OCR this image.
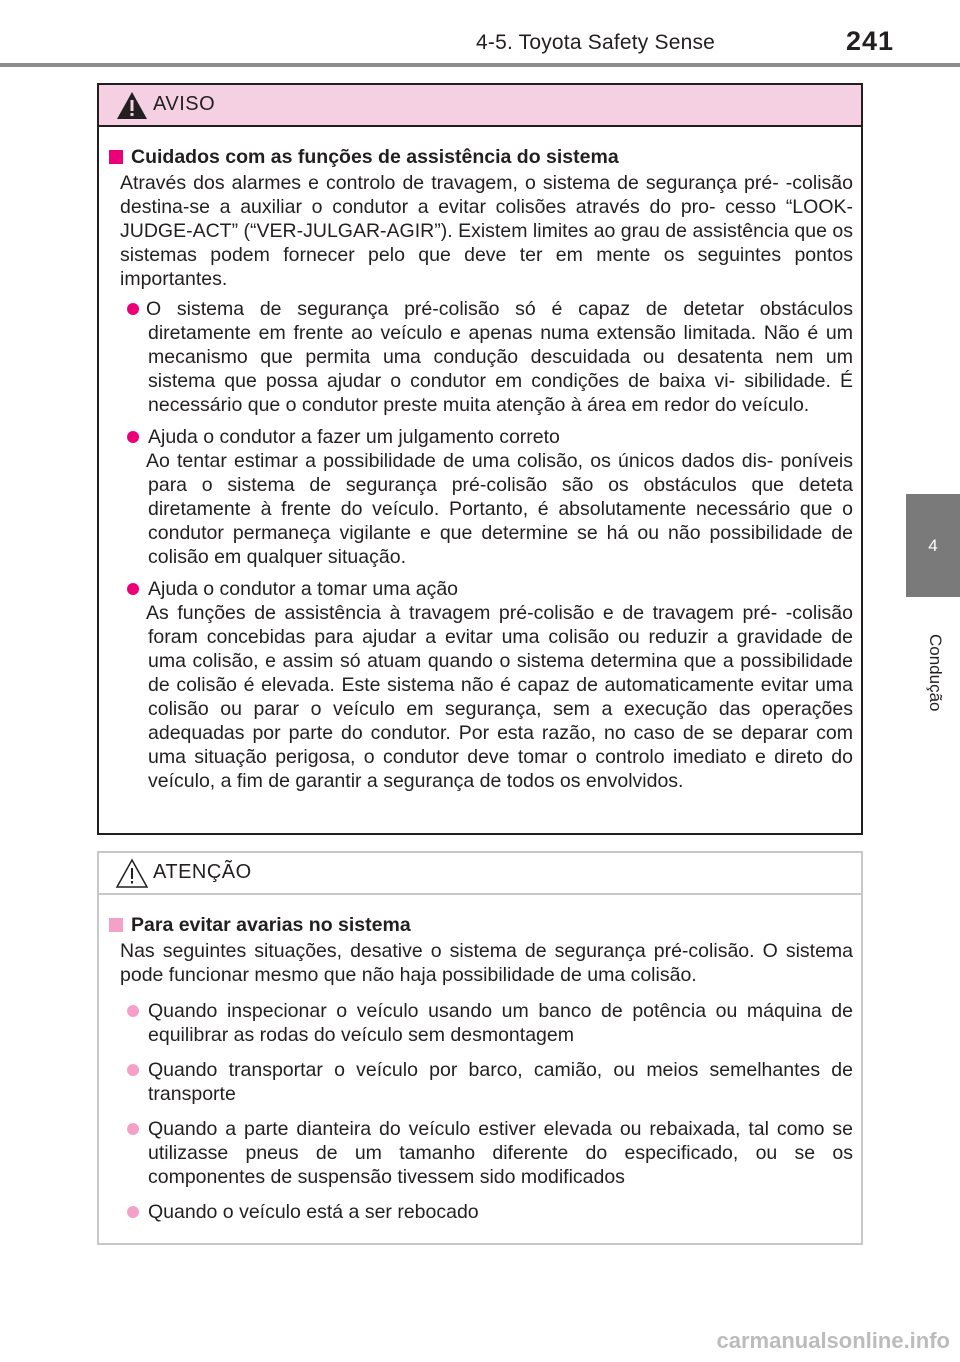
4-5. Toyota Safety Sense	241
4
Condução
AVISO
Cuidados com as funções de assistência do sistema
Através dos alarmes e controlo de travagem, o sistema de segurança pré- -colisão destina-se a auxiliar o condutor a evitar colisões através do pro- cesso “LOOK-JUDGE-ACT” (“VER-JULGAR-AGIR”). Existem limites ao grau de assistência que os sistemas podem fornecer pelo que deve ter em mente os seguintes pontos importantes.
O sistema de segurança pré-colisão só é capaz de detetar obstáculos diretamente em frente ao veículo e apenas numa extensão limitada. Não é um mecanismo que permita uma condução descuidada ou desatenta nem um sistema que possa ajudar o condutor em condições de baixa vi- sibilidade. É necessário que o condutor preste muita atenção à área em redor do veículo.
Ajuda o condutor a fazer um julgamento correto
Ao tentar estimar a possibilidade de uma colisão, os únicos dados dis- poníveis para o sistema de segurança pré-colisão são os obstáculos que deteta diretamente à frente do veículo. Portanto, é absolutamente necessário que o condutor permaneça vigilante e que determine se há ou não possibilidade de colisão em qualquer situação.
Ajuda o condutor a tomar uma ação
As funções de assistência à travagem pré-colisão e de travagem pré- -colisão foram concebidas para ajudar a evitar uma colisão ou reduzir a gravidade de uma colisão, e assim só atuam quando o sistema determina que a possibilidade de colisão é elevada. Este sistema não é capaz de automaticamente evitar uma colisão ou parar o veículo em segurança, sem a execução das operações adequadas por parte do condutor. Por esta razão, no caso de se deparar com uma situação perigosa, o condutor deve tomar o controlo imediato e direto do veículo, a fim de garantir a segurança de todos os envolvidos.
ATENÇÃO
Para evitar avarias no sistema
Nas seguintes situações, desative o sistema de segurança pré-colisão. O sistema pode funcionar mesmo que não haja possibilidade de uma colisão.
Quando inspecionar o veículo usando um banco de potência ou máquina de equilibrar as rodas do veículo sem desmontagem
Quando transportar o veículo por barco, camião, ou meios semelhantes de transporte
Quando a parte dianteira do veículo estiver elevada ou rebaixada, tal como se utilizasse pneus de um tamanho diferente do especificado, ou se os componentes de suspensão tivessem sido modificados
Quando o veículo está a ser rebocado
carmanualsonline.info
